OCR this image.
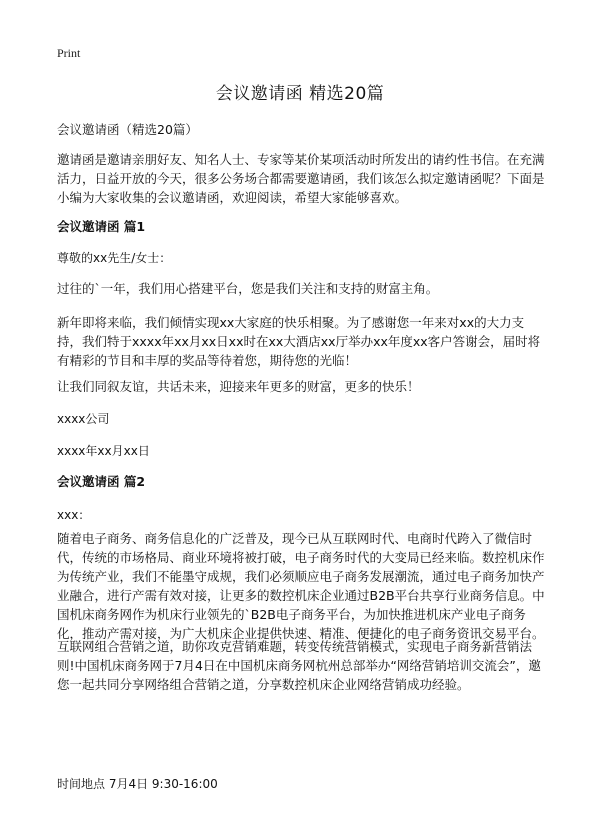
Print
会议邀请函 精选20篇
会议邀请函（精选20篇）

邀请函是邀请亲朋好友、知名人士、专家等某价某项活动时所发出的请约性书信。在充满活力，日益开放的今天，很多公务场合都需要邀请函，我们该怎么拟定邀请函呢？下面是小编为大家收集的会议邀请函，欢迎阅读，希望大家能够喜欢。

会议邀请函 篇1
尊敬的xx先生/女士：

过往的`一年，我们用心搭建平台，您是我们关注和支持的财富主角。

新年即将来临，我们倾情实现xx大家庭的快乐相聚。为了感谢您一年来对xx的大力支持，我们特于xxxx年xx月xx日xx时在xx大酒店xx厅举办xx年度xx客户答谢会，届时将有精彩的节目和丰厚的奖品等待着您，期待您的光临！

让我们同叙友谊，共话未来，迎接来年更多的财富，更多的快乐！

xxxx公司
xxxx年xx月xx日
会议邀请函 篇2
xxx：

随着电子商务、商务信息化的广泛普及，现今已从互联网时代、电商时代跨入了微信时代，传统的市场格局、商业环境将被打破，电子商务时代的大变局已经来临。数控机床作为传统产业，我们不能墨守成规，我们必须顺应电子商务发展潮流，通过电子商务加快产业融合，进行产需有效对接，让更多的数控机床企业通过B2B平台共享行业商务信息。中国机床商务网作为机床行业领先的`B2B电子商务平台，为加快推进机床产业电子商务化，推动产需对接，为广大机床企业提供快速、精准、便捷化的电子商务资讯交易平台。

互联网组合营销之道，助你攻克营销难题，转变传统营销模式，实现电子商务新营销法则!中国机床商务网于7月4日在中国机床商务网杭州总部举办“网络营销培训交流会”，邀您一起共同分享网络组合营销之道，分享数控机床企业网络营销成功经验。

时间地点 7月4日 9:30-16:00
